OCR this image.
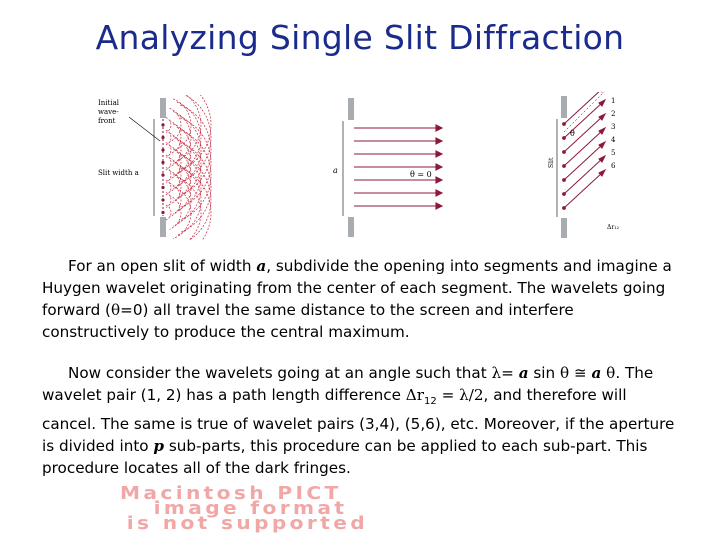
Analyzing Single Slit Diffraction
Initial
wave-
front
Slit width a	a	θ = 0
Slit
θ
Δr₁₂
1
2
3
4
5
6

For an open slit of width a, subdivide the opening into segments and imagine a Huygen wavelet originating from the center of each segment. The wavelets going forward (θ=0) all travel the same distance to the screen and interfere constructively to produce the central maximum.

Now consider the wavelets going at an angle such that λ= a sin θ ≅ a θ. The wavelet pair (1, 2) has a path length difference $\Delta r_{12} = \lambda/2$, and therefore will cancel. The same is true of wavelet pairs (3,4), (5,6), etc. Moreover, if the aperture is divided into p sub-parts, this procedure can be applied to each sub-part. This procedure locates all of the dark fringes.

Macintosh PICT
image format
is not supported
